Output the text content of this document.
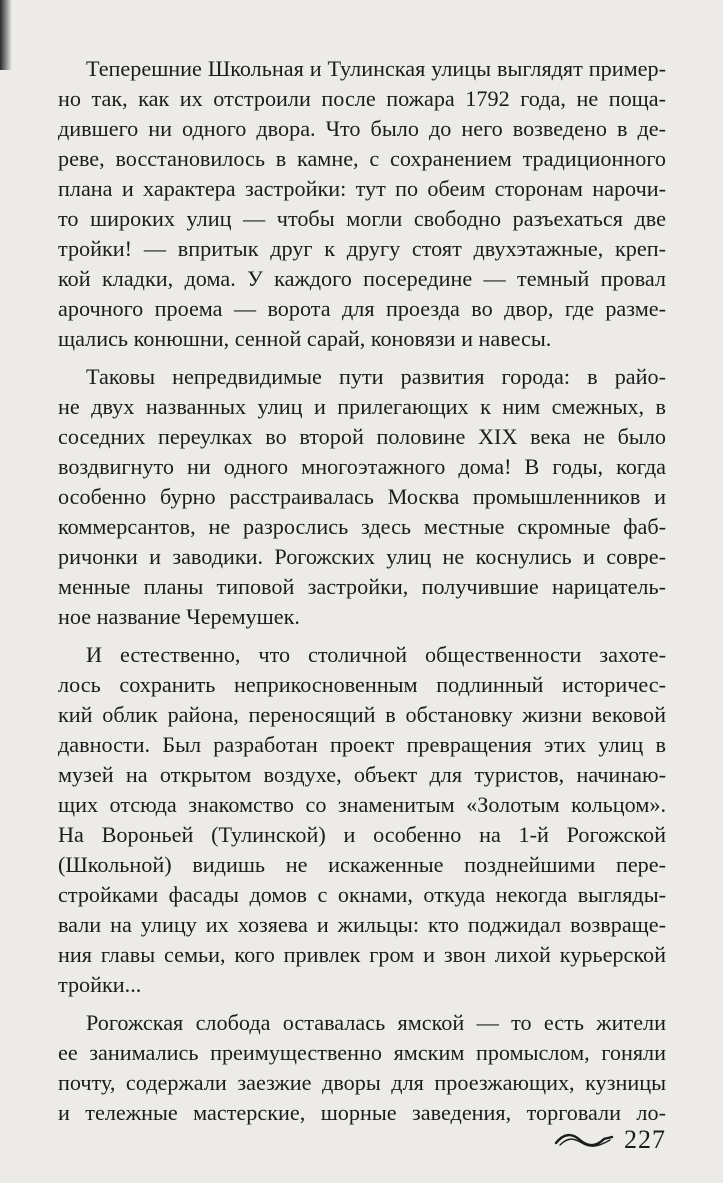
Теперешние Школьная и Тулинская улицы выглядят пример-
но так, как их отстроили после пожара 1792 года, не поща-
дившего ни одного двора. Что было до него возведено в де-
реве, восстановилось в камне, с сохранением традиционного
плана и характера застройки: тут по обеим сторонам нарочи-
то широких улиц — чтобы могли свободно разъехаться две
тройки! — впритык друг к другу стоят двухэтажные, креп-
кой кладки, дома. У каждого посередине — темный провал
арочного проема — ворота для проезда во двор, где разме-
щались конюшни, сенной сарай, коновязи и навесы.
Таковы непредвидимые пути развития города: в райо-
не двух названных улиц и прилегающих к ним смежных, в
соседних переулках во второй половине XIX века не было
воздвигнуто ни одного многоэтажного дома! В годы, когда
особенно бурно расстраивалась Москва промышленников и
коммерсантов, не разрослись здесь местные скромные фаб-
ричонки и заводики. Рогожских улиц не коснулись и совре-
менные планы типовой застройки, получившие нарицатель-
ное название Черемушек.
И естественно, что столичной общественности захоте-
лось сохранить неприкосновенным подлинный историчес-
кий облик района, переносящий в обстановку жизни вековой
давности. Был разработан проект превращения этих улиц в
музей на открытом воздухе, объект для туристов, начинаю-
щих отсюда знакомство со знаменитым «Золотым кольцом».
На Вороньей (Тулинской) и особенно на 1-й Рогожской
(Школьной) видишь не искаженные позднейшими пере-
стройками фасады домов с окнами, откуда некогда выгляды-
вали на улицу их хозяева и жильцы: кто поджидал возвраще-
ния главы семьи, кого привлек гром и звон лихой курьерской
тройки...
Рогожская слобода оставалась ямской — то есть жители
ее занимались преимущественно ямским промыслом, гоняли
почту, содержали заезжие дворы для проезжающих, кузницы
и тележные мастерские, шорные заведения, торговали ло-
227
